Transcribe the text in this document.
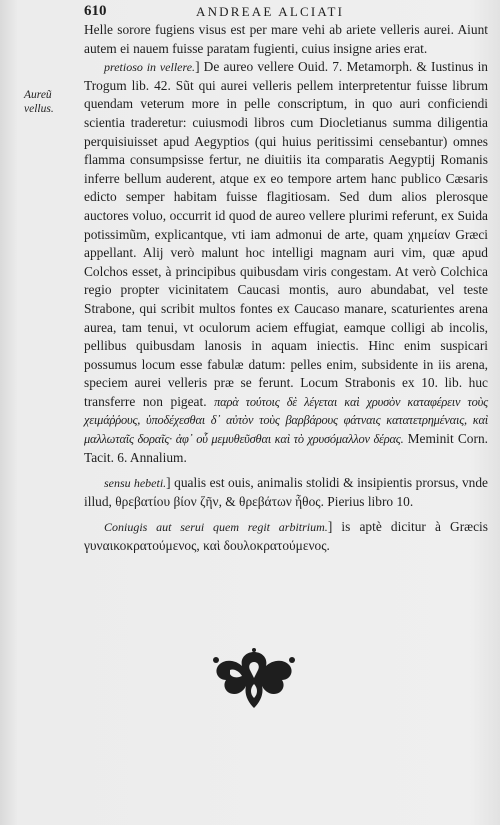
610	ANDREAE ALCIATI
Aureũ vellus.

Helle sorore fugiens visus est per mare vehi ab ariete velleris aurei. Aiunt autem ei nauem fuisse paratam fugienti, cuius insigne aries erat.

pretioso in vellere.] De aureo vellere Ouid. 7. Metamorph. & Iustinus in Trogum lib. 42. Sũt qui aurei velleris pellem interpretentur fuisse librum quendam veterum more in pelle conscriptum, in quo auri conficiendi scientia traderetur: cuiusmodi libros cum Diocletianus summa diligentia perquisiuisset apud Aegyptios (qui huius peritissimi censebantur) omnes flamma consumpsisse fertur, ne diuitiis ita comparatis Aegyptij Romanis inferre bellum auderent, atque ex eo tempore artem hanc publico Cæsaris edicto semper habitam fuisse flagitiosam. Sed dum alios plerosque auctores voluo, occurrit id quod de aureo vellere plurimi referunt, ex Suida potissimũm, explicantque, vti iam admonui de arte, quam χημείαν Græci appellant. Alij verò malunt hoc intelligi magnam auri vim, quæ apud Colchos esset, à principibus quibusdam viris congestam. At verò Colchica regio propter vicinitatem Caucasi montis, auro abundabat, vel teste Strabone, qui scribit multos fontes ex Caucaso manare, scaturientes arena aurea, tam tenui, vt oculorum aciem effugiat, eamque colligi ab incolis, pellibus quibusdam lanosis in aquam iniectis. Hinc enim suspicari possumus locum esse fabulæ datum: pelles enim, subsidente in iis arena, speciem aurei velleris præ se ferunt. Locum Strabonis ex 10. lib. huc transferre non pigeat. παρὰ τούτοις δὲ λέγεται καὶ χρυσὸν καταφέρειν τοὺς χειμάῤῥους, ὑποδέχεσθαι δ᾽ αὐτὸν τοὺς βαρβάρους φάτναις κατατετρημέναις, καὶ μαλλωταῖς δοραῖς· ἀφ᾽ οὗ μεμυθεῦσθαι καὶ τὸ χρυσόμαλλον δέρας. Meminit Corn. Tacit. 6. Annalium.

sensu hebeti.] qualis est ouis, animalis stolidi & insipientis prorsus, vnde illud, θρεβατίου βίον ζῆν, & θρεβάτων ἦθος. Pierius libro 10.

Coniugis aut serui quem regit arbitrium.] is aptè dicitur à Græcis γυναικοκρατούμενος, καὶ δουλοκρατούμενος.
